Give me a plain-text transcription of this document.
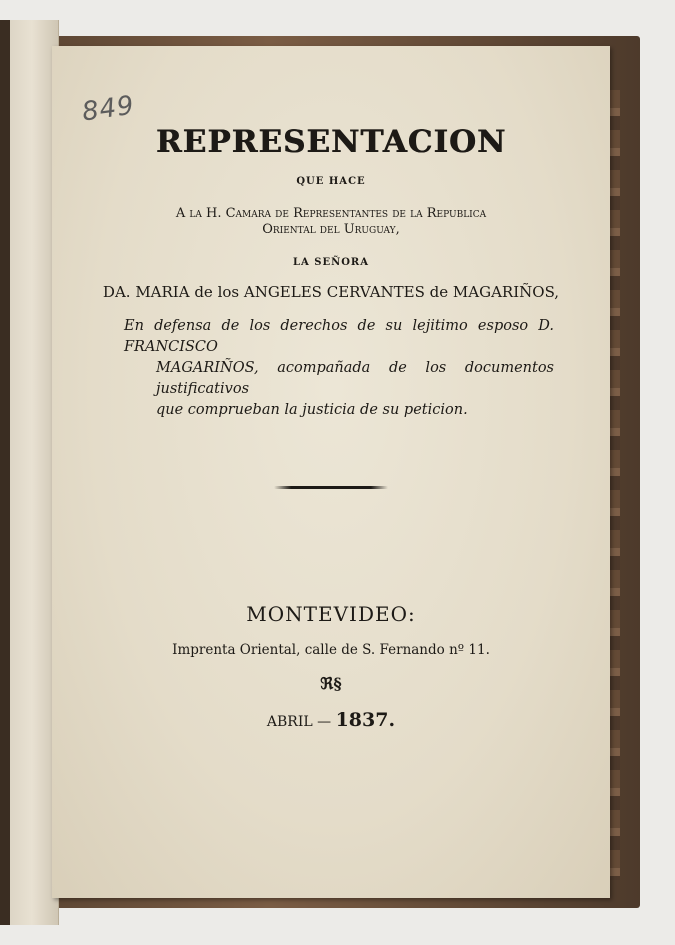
849
REPRESENTACION
QUE HACE
A la H. Camara de Representantes de la Republica
Oriental del Uruguay,
LA SEÑORA
DA. MARIA de los ANGELES CERVANTES de MAGARIÑOS,
En defensa de los derechos de su lejitimo esposo D. FRANCISCO
MAGARIÑOS, acompañada de los documentos justificativos
que comprueban la justicia de su peticion.
MONTEVIDEO:
Imprenta Oriental, calle de S. Fernando nº 11.
ℜ§
ABRIL — 1837.
